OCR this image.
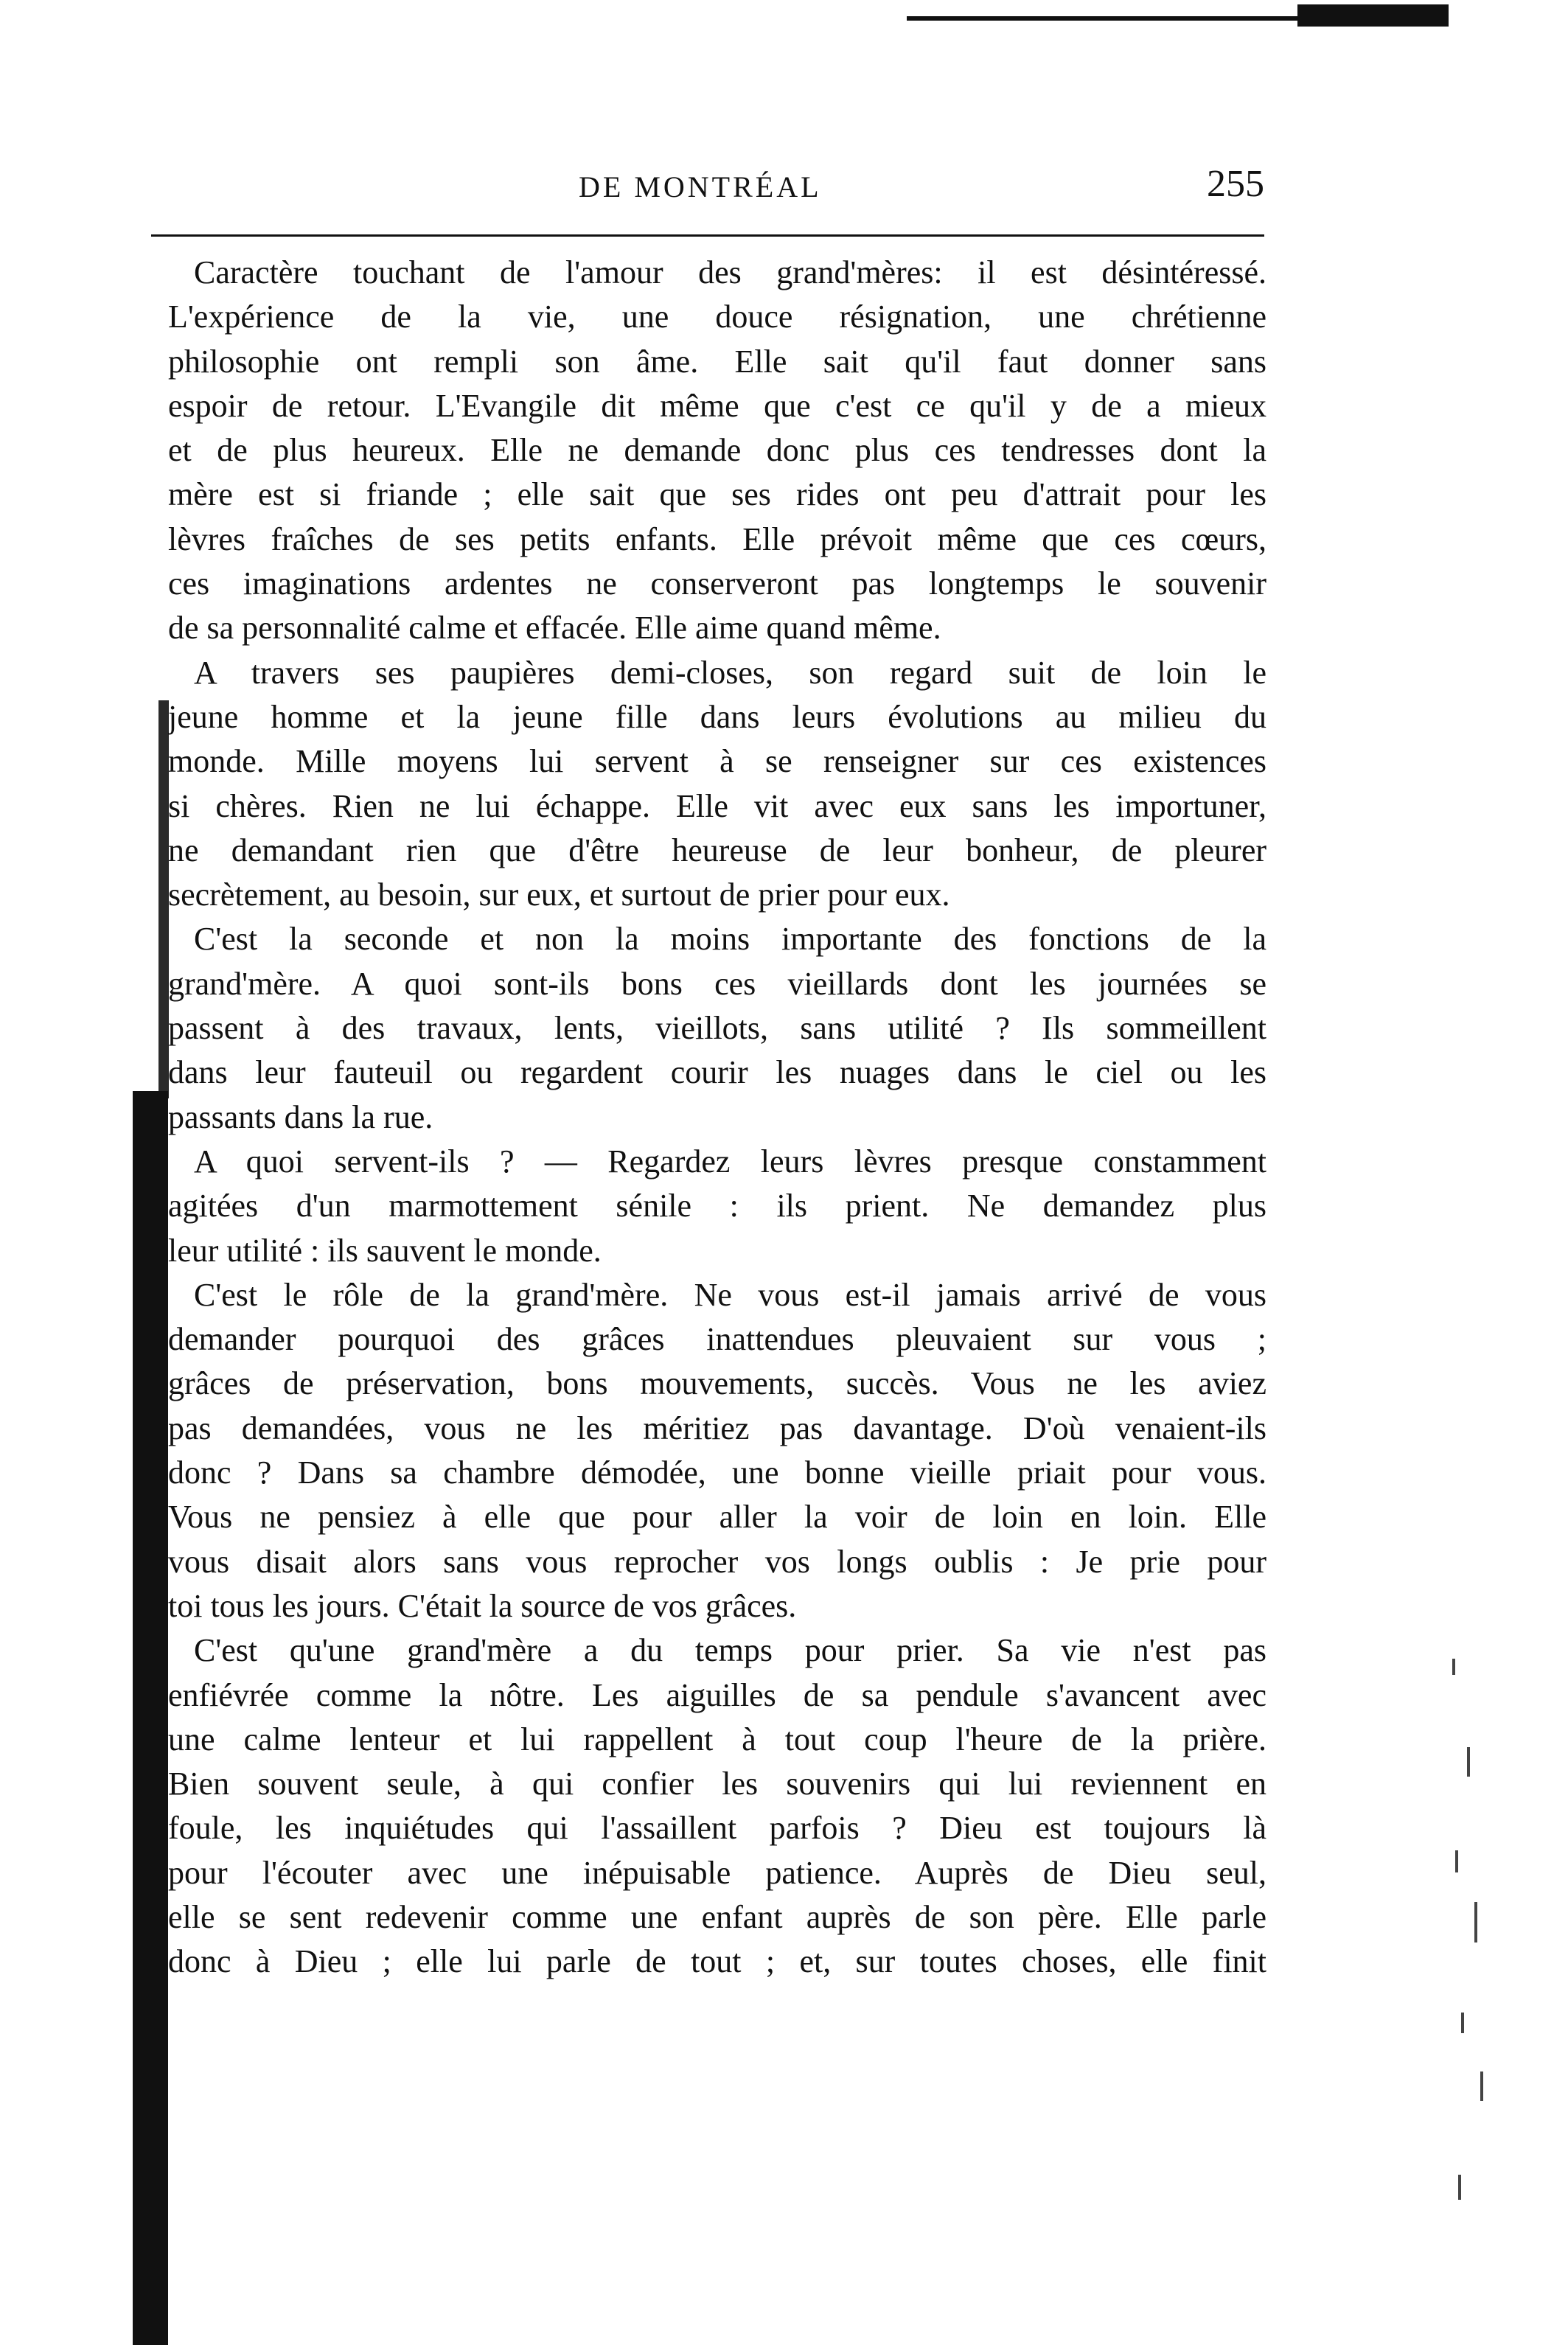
DE MONTRÉAL	255
Caractère touchant de l'amour des grand'mères: il est désintéressé.
L'expérience de la vie, une douce résignation, une chrétienne
philosophie ont rempli son âme. Elle sait qu'il faut donner sans
espoir de retour. L'Evangile dit même que c'est ce qu'il y de a mieux
et de plus heureux. Elle ne demande donc plus ces tendresses dont la
mère est si friande ; elle sait que ses rides ont peu d'attrait pour les
lèvres fraîches de ses petits enfants. Elle prévoit même que ces cœurs,
ces imaginations ardentes ne conserveront pas longtemps le souvenir
de sa personnalité calme et effacée. Elle aime quand même.
A travers ses paupières demi-closes, son regard suit de loin le
jeune homme et la jeune fille dans leurs évolutions au milieu du
monde. Mille moyens lui servent à se renseigner sur ces existences
si chères. Rien ne lui échappe. Elle vit avec eux sans les importuner,
ne demandant rien que d'être heureuse de leur bonheur, de pleurer
secrètement, au besoin, sur eux, et surtout de prier pour eux.
C'est la seconde et non la moins importante des fonctions de la
grand'mère. A quoi sont-ils bons ces vieillards dont les journées se
passent à des travaux, lents, vieillots, sans utilité ? Ils sommeillent
dans leur fauteuil ou regardent courir les nuages dans le ciel ou les
passants dans la rue.
A quoi servent-ils ? — Regardez leurs lèvres presque constamment
agitées d'un marmottement sénile : ils prient. Ne demandez plus
leur utilité : ils sauvent le monde.
C'est le rôle de la grand'mère. Ne vous est-il jamais arrivé de vous
demander pourquoi des grâces inattendues pleuvaient sur vous ;
grâces de préservation, bons mouvements, succès. Vous ne les aviez
pas demandées, vous ne les méritiez pas davantage. D'où venaient-ils
donc ? Dans sa chambre démodée, une bonne vieille priait pour vous.
Vous ne pensiez à elle que pour aller la voir de loin en loin. Elle
vous disait alors sans vous reprocher vos longs oublis : Je prie pour
toi tous les jours. C'était la source de vos grâces.
C'est qu'une grand'mère a du temps pour prier. Sa vie n'est pas
enfiévrée comme la nôtre. Les aiguilles de sa pendule s'avancent avec
une calme lenteur et lui rappellent à tout coup l'heure de la prière.
Bien souvent seule, à qui confier les souvenirs qui lui reviennent en
foule, les inquiétudes qui l'assaillent parfois ? Dieu est toujours là
pour l'écouter avec une inépuisable patience. Auprès de Dieu seul,
elle se sent redevenir comme une enfant auprès de son père. Elle parle
donc à Dieu ; elle lui parle de tout ; et, sur toutes choses, elle finit
